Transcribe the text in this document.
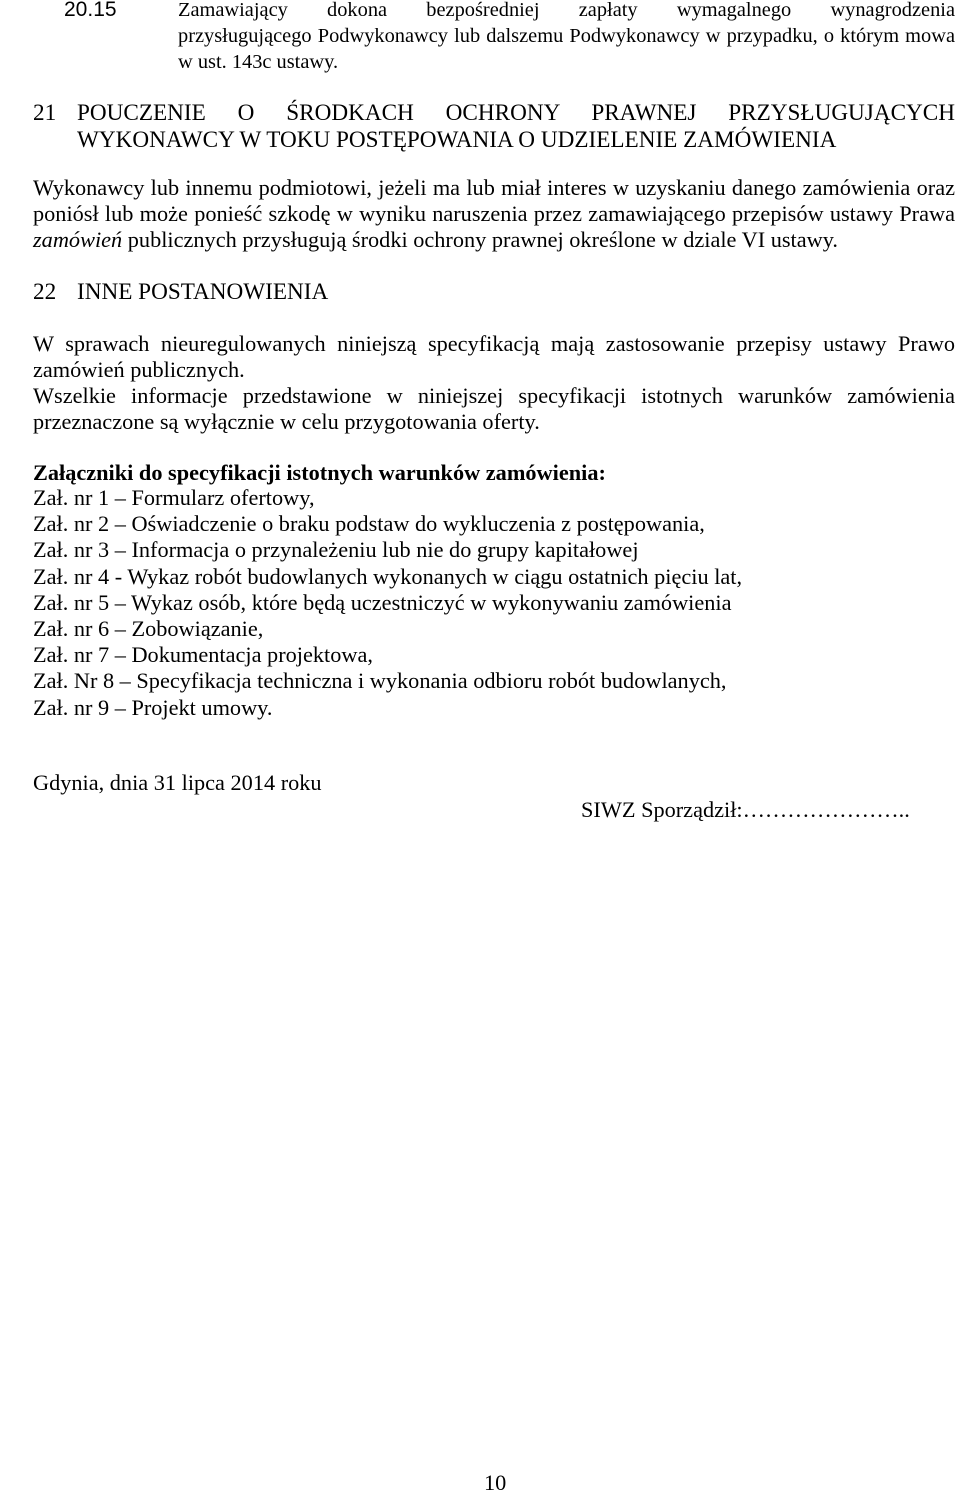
20.15	Zamawiający dokona bezpośredniej zapłaty wymagalnego wynagrodzenia
przysługującego Podwykonawcy lub dalszemu Podwykonawcy w przypadku, o którym mowa
w ust. 143c ustawy.
21 POUCZENIE O ŚRODKACH OCHRONY PRAWNEJ PRZYSŁUGUJĄCYCH
WYKONAWCY W TOKU POSTĘPOWANIA O UDZIELENIE ZAMÓWIENIA
Wykonawcy lub innemu podmiotowi, jeżeli ma lub miał interes w uzyskaniu danego zamówienia oraz
poniósł lub może ponieść szkodę w wyniku naruszenia przez zamawiającego przepisów ustawy Prawa
zamówień publicznych przysługują środki ochrony prawnej określone w dziale VI ustawy.
22 INNE POSTANOWIENIA
W sprawach nieuregulowanych niniejszą specyfikacją mają zastosowanie przepisy ustawy Prawo
zamówień publicznych.
Wszelkie informacje przedstawione w niniejszej specyfikacji istotnych warunków zamówienia
przeznaczone są wyłącznie w celu przygotowania oferty.
Załączniki do specyfikacji istotnych warunków zamówienia:
Zał. nr 1 – Formularz ofertowy,
Zał. nr 2 – Oświadczenie o braku podstaw do wykluczenia z postępowania,
Zał. nr 3 – Informacja o przynależeniu lub nie do grupy kapitałowej
Zał. nr 4 - Wykaz robót budowlanych wykonanych w ciągu ostatnich pięciu lat,
Zał. nr 5 – Wykaz osób, które będą uczestniczyć w wykonywaniu zamówienia
Zał. nr 6 – Zobowiązanie,
Zał. nr 7 – Dokumentacja projektowa,
Zał. Nr 8 – Specyfikacja techniczna i wykonania odbioru robót budowlanych,
Zał. nr 9 – Projekt umowy.
Gdynia, dnia 31 lipca 2014 roku
SIWZ Sporządził:…………………..
10
